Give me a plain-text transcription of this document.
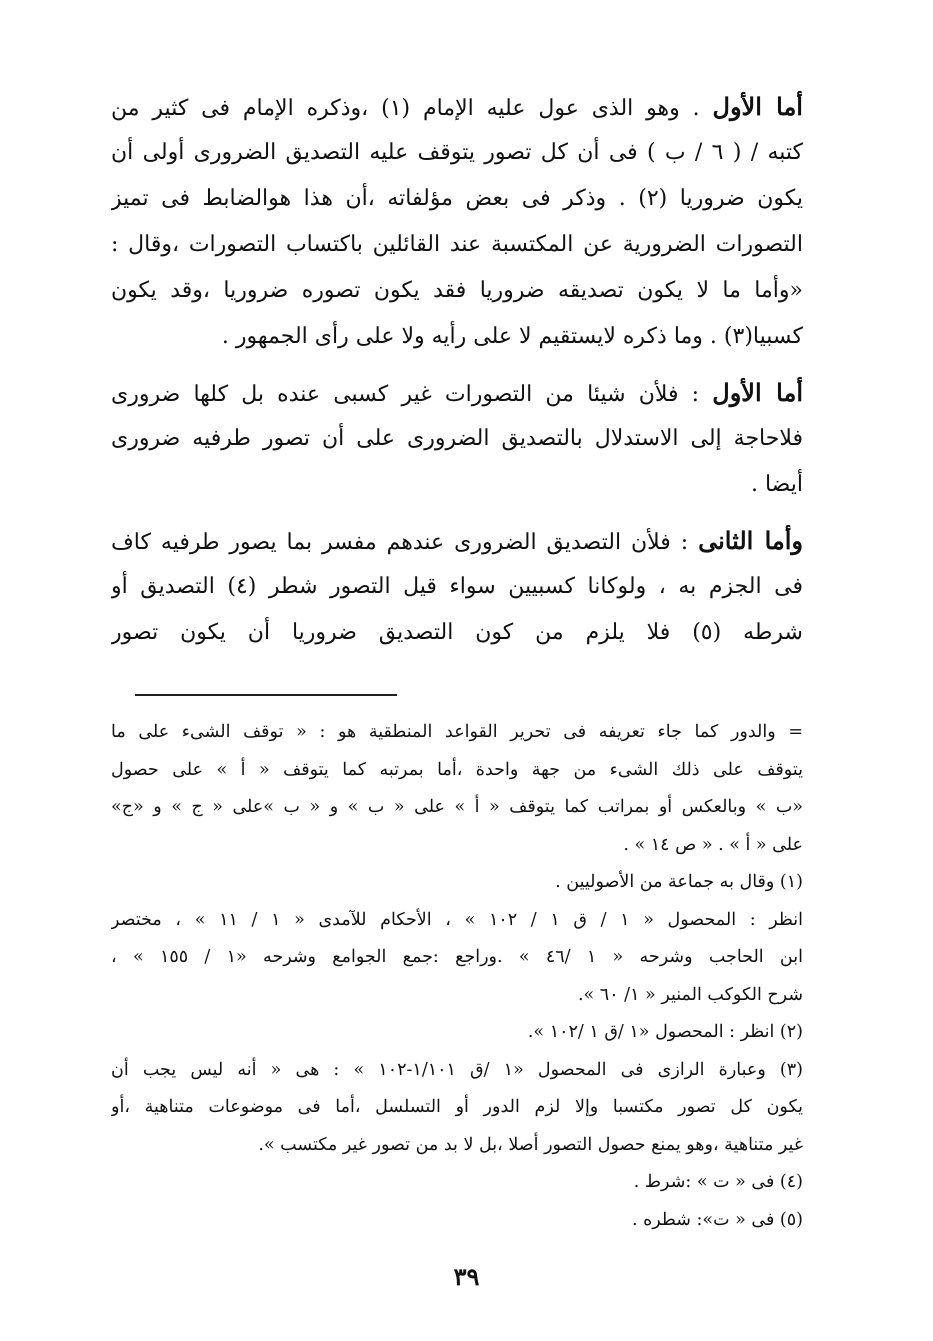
أما الأول . وهو الذى عول عليه الإمام (١) ،وذكره الإمام فى كثير من
كتبه / ( ٦ / ب ) فى أن كل تصور يتوقف عليه التصديق الضرورى أولى أن
يكون ضروريا (٢) . وذكر فى بعض مؤلفاته ،أن هذا هوالضابط فى تميز
التصورات الضرورية عن المكتسبة عند القائلين باكتساب التصورات ،وقال :
«وأما ما لا يكون تصديقه ضروريا فقد يكون تصوره ضروريا ،وقد يكون
كسبيا(٣) . وما ذكره لايستقيم لا على رأيه ولا على رأى الجمهور .
أما الأول : فلأن شيئا من التصورات غير كسبى عنده بل كلها ضرورى
فلاحاجة إلى الاستدلال بالتصديق الضرورى على أن تصور طرفيه ضرورى
أيضا .
وأما الثانى : فلأن التصديق الضرورى عندهم مفسر بما يصور طرفيه كاف
فى الجزم به ، ولوكانا كسبيين سواء قيل التصور شطر (٤) التصديق أو
شرطه (٥) فلا يلزم من كون التصديق ضروريا أن يكون تصور
= والدور كما جاء تعريفه فى تحرير القواعد المنطقية هو : « توقف الشىء على ما
يتوقف على ذلك الشىء من جهة واحدة ،أما بمرتبه كما يتوقف « أ » على حصول
«ب » وبالعكس أو بمراتب كما يتوقف « أ » على « ب » و « ب »على « ج » و «ج»
على « أ » . « ص ١٤ » .
(١) وقال به جماعة من الأصوليين .
انظر : المحصول « ١ / ق ١ / ١٠٢ » ، الأحكام للآمدى « ١ / ١١ » ، مختصر
ابن الحاجب وشرحه « ١ /٤٦ » .وراجع :جمع الجوامع وشرحه «١ / ١٥٥ » ،
شرح الكوكب المنير « ١/ ٦٠ ».
(٢) انظر : المحصول «١ /ق ١ /١٠٢ ».
(٣) وعبارة الرازى فى المحصول «١ /ق ١/١٠١-١٠٢ » : هى « أنه ليس يجب أن
يكون كل تصور مكتسبا وإلا لزم الدور أو التسلسل ،أما فى موضوعات متناهية ،أو
غير متناهية ،وهو يمنع حصول التصور أصلا ،بل لا بد من تصور غير مكتسب ».
(٤) فى « ت » :شرط .
(٥) فى « ت»: شطره .
٣٩
